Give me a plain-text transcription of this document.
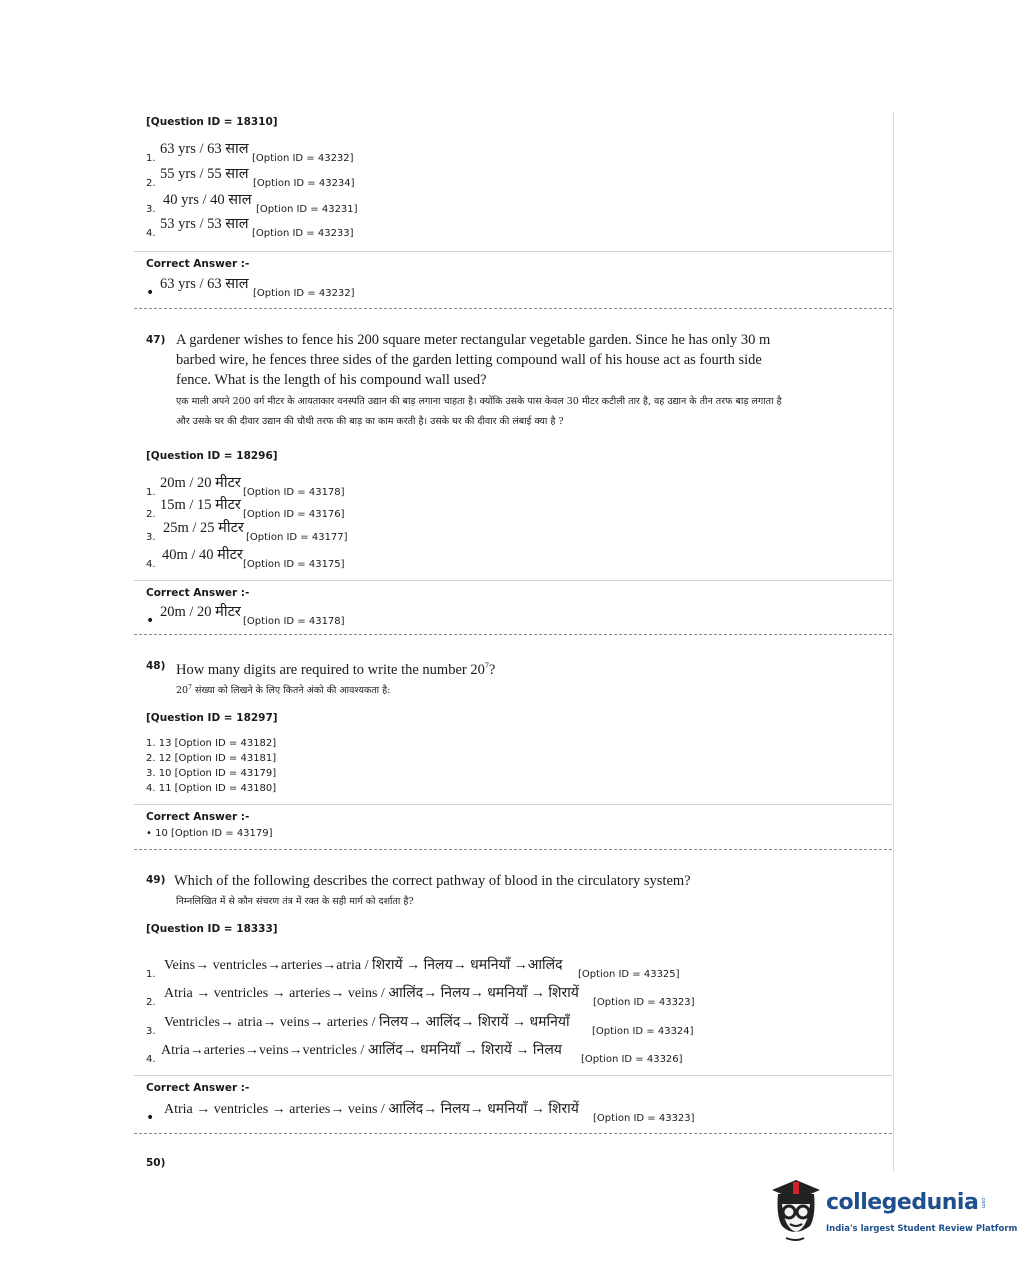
[Question ID = 18310]
1.
63 yrs / 63 साल
[Option ID = 43232]
2.
55 yrs / 55 साल
[Option ID = 43234]
3.
40 yrs / 40 साल
[Option ID = 43231]
4.
53 yrs / 53 साल
[Option ID = 43233]
Correct Answer :-
•
63 yrs / 63 साल
[Option ID = 43232]
47) A gardener wishes to fence his 200 square meter rectangular vegetable garden. Since he has only 30 m barbed wire, he fences three sides of the garden letting compound wall of his house act as fourth side fence. What is the length of his compound wall used?
एक माली अपने 200 वर्ग मीटर के आयताकार वनस्पति उद्यान की बाड़ लगाना चाहता है। क्योंकि उसके पास केवल 30 मीटर कटीली तार है, वह उद्यान के तीन तरफ बाड़ लगाता है और उसके घर की दीवार उद्यान की चौथी तरफ की बाड़ का काम करती है। उसके घर की दीवार की लंबाई क्या है ?
[Question ID = 18296]
1.
20m / 20 मीटर
[Option ID = 43178]
2.
15m / 15 मीटर
[Option ID = 43176]
3.
25m / 25 मीटर
[Option ID = 43177]
4.
40m / 40 मीटर
[Option ID = 43175]
Correct Answer :-
•
20m / 20 मीटर
[Option ID = 43178]
48) How many digits are required to write the number $20^7$?
$20^7$ संख्या को लिखने के लिए कितने अंको की आवश्यकता है:
[Question ID = 18297]
1. 13 [Option ID = 43182]
2. 12 [Option ID = 43181]
3. 10 [Option ID = 43179]
4. 11 [Option ID = 43180]
Correct Answer :-
• 10 [Option ID = 43179]
49) Which of the following describes the correct pathway of blood in the circulatory system?
निम्नलिखित में से कौन संचरण तंत्र में रक्त के सही मार्ग को दर्शाता है?
[Question ID = 18333]
1.
Veins→ ventricles→arteries→atria / शिरायें → निलय→ धमनियाँ →आलिंद
[Option ID = 43325]
2.
Atria → ventricles → arteries→ veins / आलिंद→ निलय→ धमनियाँ → शिरायें
[Option ID = 43323]
3.
Ventricles→ atria→ veins→ arteries / निलय→ आलिंद→ शिरायें → धमनियाँ
[Option ID = 43324]
4.
Atria→arteries→veins→ventricles / आलिंद→ धमनियाँ → शिरायें → निलय
[Option ID = 43326]
Correct Answer :-
•
Atria → ventricles → arteries→ veins / आलिंद→ निलय→ धमनियाँ → शिरायें
[Option ID = 43323]
50)
collegedunia .com
India's largest Student Review Platform
